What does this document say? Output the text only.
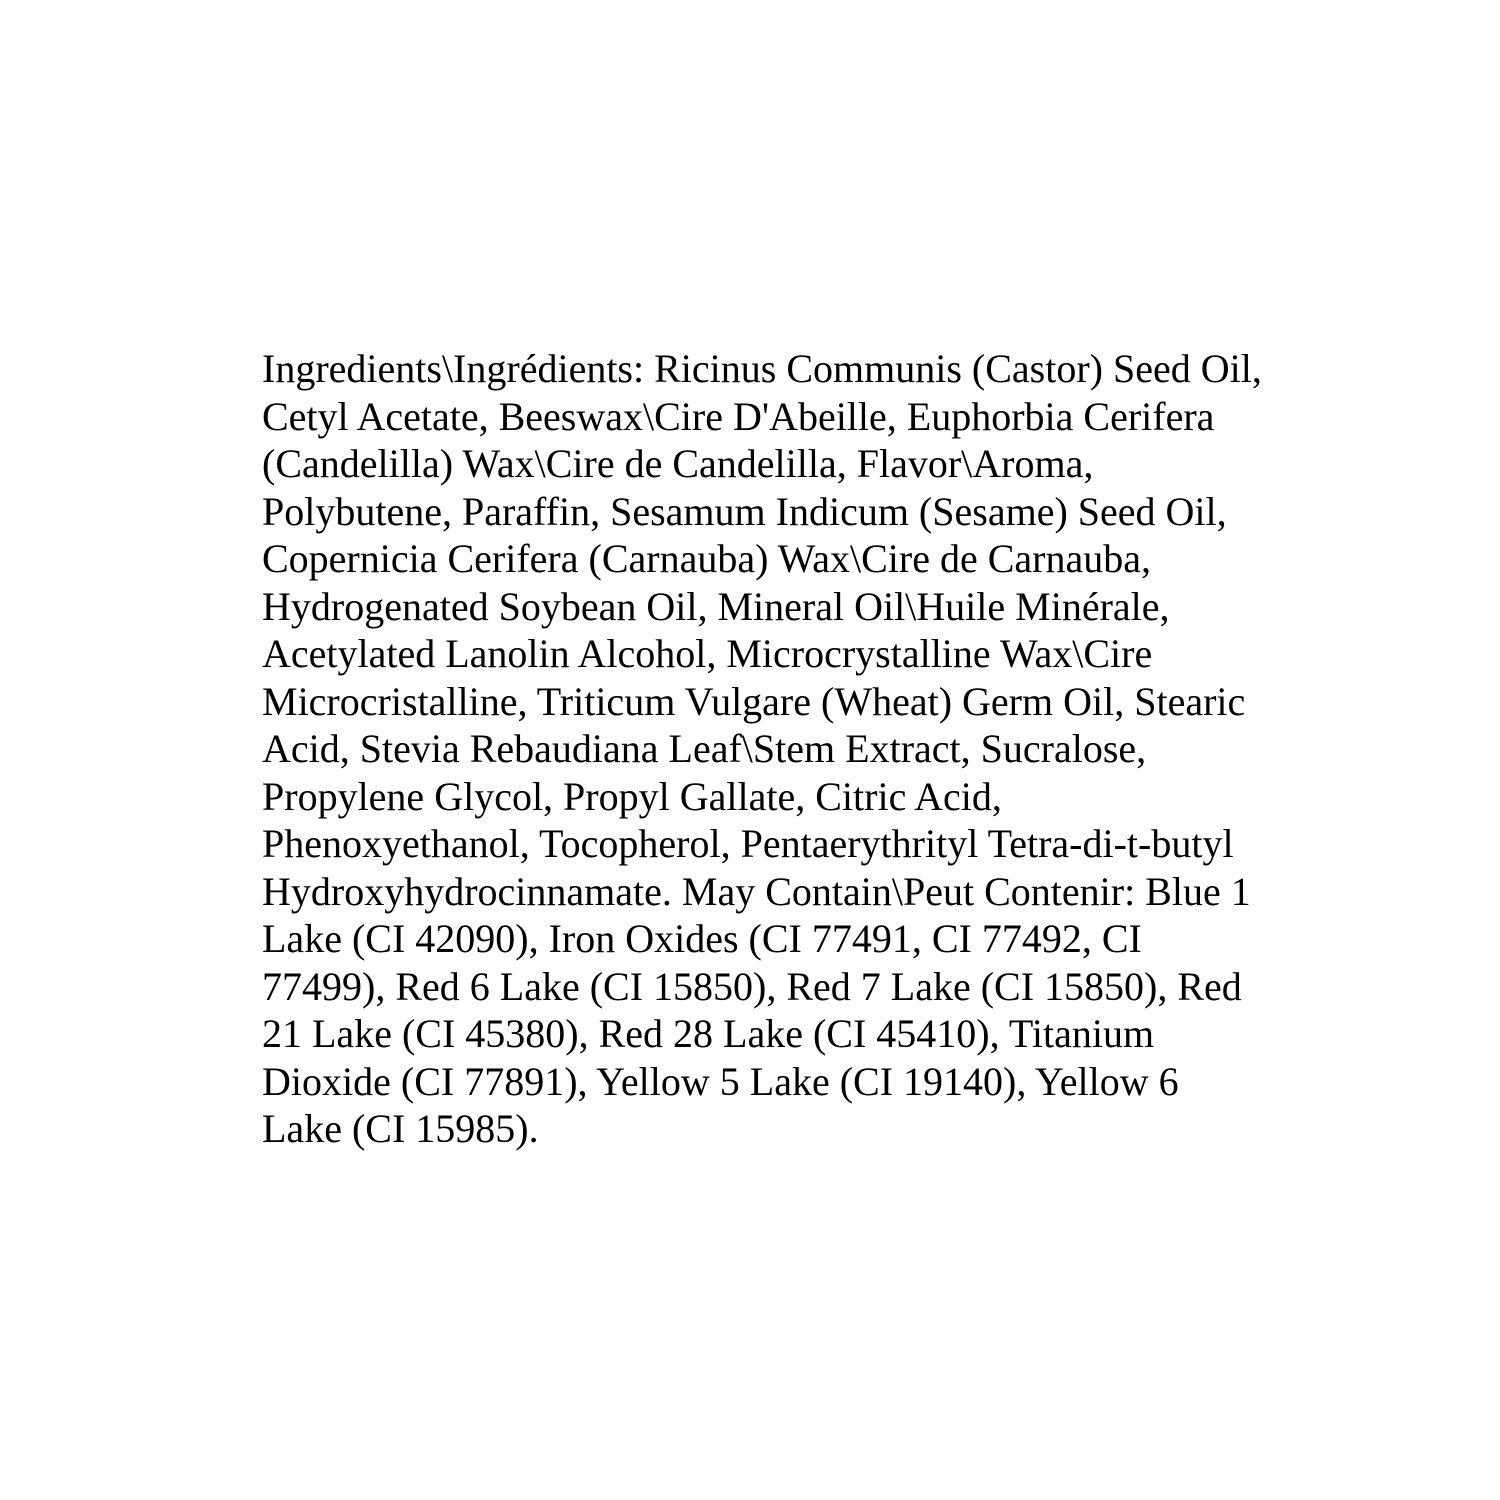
Ingredients\Ingrédients: Ricinus Communis (Castor) Seed Oil,
Cetyl Acetate, Beeswax\Cire D'Abeille, Euphorbia Cerifera
(Candelilla) Wax\Cire de Candelilla, Flavor\Aroma,
Polybutene, Paraffin, Sesamum Indicum (Sesame) Seed Oil,
Copernicia Cerifera (Carnauba) Wax\Cire de Carnauba,
Hydrogenated Soybean Oil, Mineral Oil\Huile Minérale,
Acetylated Lanolin Alcohol, Microcrystalline Wax\Cire
Microcristalline, Triticum Vulgare (Wheat) Germ Oil, Stearic
Acid, Stevia Rebaudiana Leaf\Stem Extract, Sucralose,
Propylene Glycol, Propyl Gallate, Citric Acid,
Phenoxyethanol, Tocopherol, Pentaerythrityl Tetra-di-t-butyl
Hydroxyhydrocinnamate. May Contain\Peut Contenir: Blue 1
Lake (CI 42090), Iron Oxides (CI 77491, CI 77492, CI
77499), Red 6 Lake (CI 15850), Red 7 Lake (CI 15850), Red
21 Lake (CI 45380), Red 28 Lake (CI 45410), Titanium
Dioxide (CI 77891), Yellow 5 Lake (CI 19140), Yellow 6
Lake (CI 15985).
